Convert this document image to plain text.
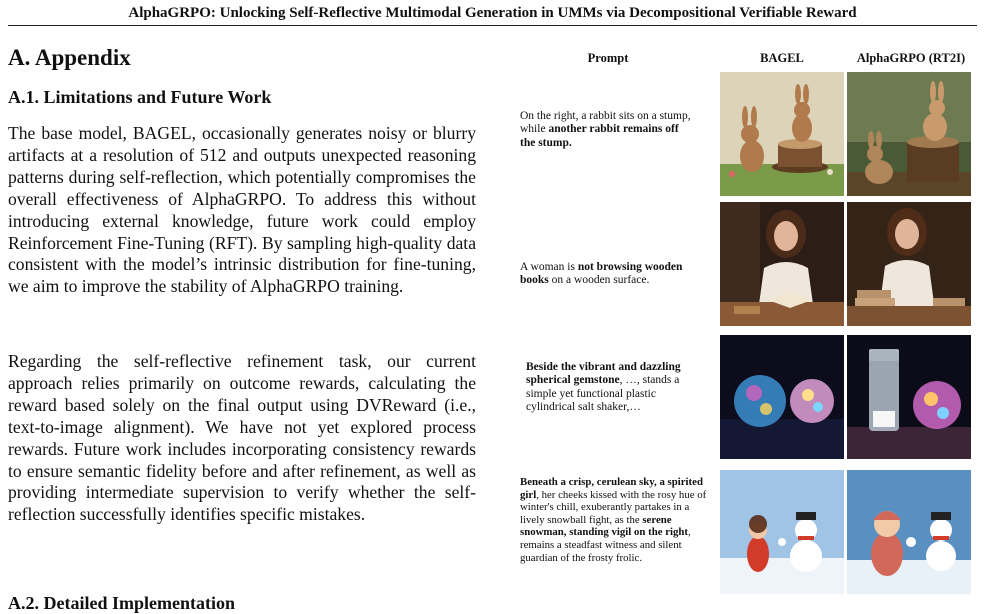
AlphaGRPO: Unlocking Self-Reflective Multimodal Generation in UMMs via Decompositional Verifiable Reward
A. Appendix
A.1. Limitations and Future Work

The base model, BAGEL, occasionally generates noisy or blurry artifacts at a resolution of 512 and outputs unexpected reasoning patterns during self-reflection, which potentially compromises the overall effectiveness of AlphaGRPO. To address this without introducing external knowledge, future work could employ Reinforcement Fine-Tuning (RFT). By sampling high-quality data consistent with the model’s intrinsic distribution for fine-tuning, we aim to improve the stability of AlphaGRPO training.

Regarding the self-reflective refinement task, our current approach relies primarily on outcome rewards, calculating the reward based solely on the final output using DVReward (i.e., text-to-image alignment). We have not yet explored process rewards. Future work includes incorporating consistency rewards to ensure semantic fidelity before and after refinement, as well as providing intermediate supervision to verify whether the self-reflection successfully identifies specific mistakes.

A.2. Detailed Implementation
Prompt	BAGEL	AlphaGRPO (RT2I)
On the right, a rabbit sits on a stump, while another rabbit remains off the stump.
A woman is not browsing wooden books on a wooden surface.
Beside the vibrant and dazzling spherical gemstone, …, stands a simple yet functional plastic cylindrical salt shaker,…
Beneath a crisp, cerulean sky, a spirited girl, her cheeks kissed with the rosy hue of winter's chill, exuberantly partakes in a lively snowball fight, as the serene snowman, standing vigil on the right, remains a steadfast witness and silent guardian of the frosty frolic.
